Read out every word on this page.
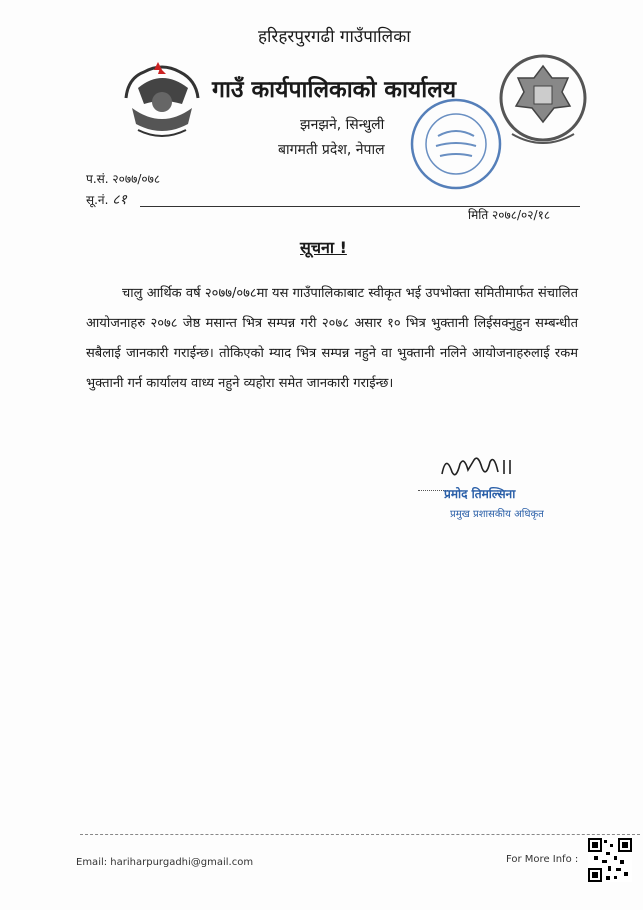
हरिहरपुरगढी गाउँपालिका
गाउँ कार्यपालिकाको कार्यालय
झनझने, सिन्धुली
बागमती प्रदेश, नेपाल
प.सं. २०७७/०७८
सू.नं. ८१
मिति २०७८/०२/१८
सूचना !
चालु आर्थिक वर्ष २०७७/०७८मा यस गाउँपालिकाबाट स्वीकृत भई उपभोक्ता समितीमार्फत संचालित आयोजनाहरु २०७८ जेष्ठ मसान्त भित्र सम्पन्न गरी २०७८ असार १० भित्र भुक्तानी लिईसक्नुहुन सम्बन्धीत सबैलाई जानकारी गराईन्छ। तोकिएको म्याद भित्र सम्पन्न नहुने वा भुक्तानी नलिने आयोजनाहरुलाई रकम भुक्तानी गर्न कार्यालय वाध्य नहुने व्यहोरा समेत जानकारी गराईन्छ।
प्रमोद तिमल्सिना
प्रमुख प्रशासकीय अधिकृत
Email: hariharpurgadhi@gmail.com	For More Info :
